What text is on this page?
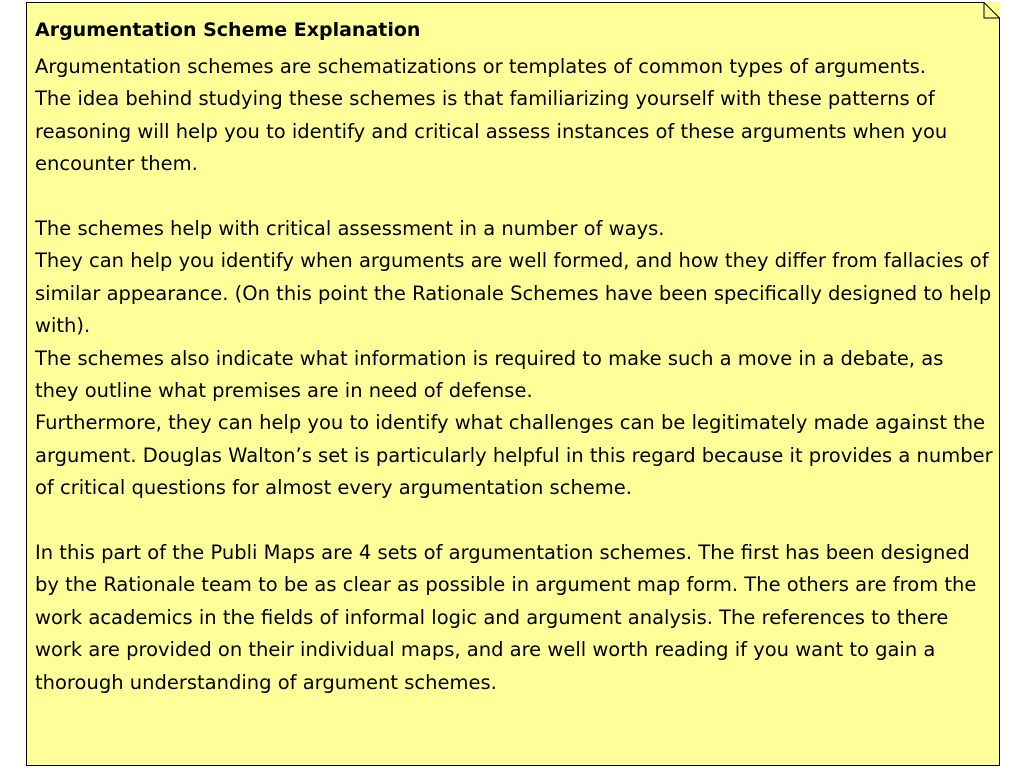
Argumentation Scheme Explanation

Argumentation schemes are schematizations or templates of common types of arguments.

The idea behind studying these schemes is that familiarizing yourself with these patterns of reasoning will help you to identify and critical assess instances of these arguments when you encounter them.

The schemes help with critical assessment in a number of ways.

They can help you identify when arguments are well formed, and how they differ from fallacies of similar appearance. (On this point the Rationale Schemes have been specifically designed to help with).

The schemes also indicate what information is required to make such a move in a debate, as they outline what premises are in need of defense.

Furthermore, they can help you to identify what challenges can be legitimately made against the argument. Douglas Walton’s set is particularly helpful in this regard because it provides a number of critical questions for almost every argumentation scheme.

In this part of the Publi Maps are 4 sets of argumentation schemes. The first has been designed by the Rationale team to be as clear as possible in argument map form. The others are from the work academics in the fields of informal logic and argument analysis. The references to there work are provided on their individual maps, and are well worth reading if you want to gain a thorough understanding of argument schemes.
